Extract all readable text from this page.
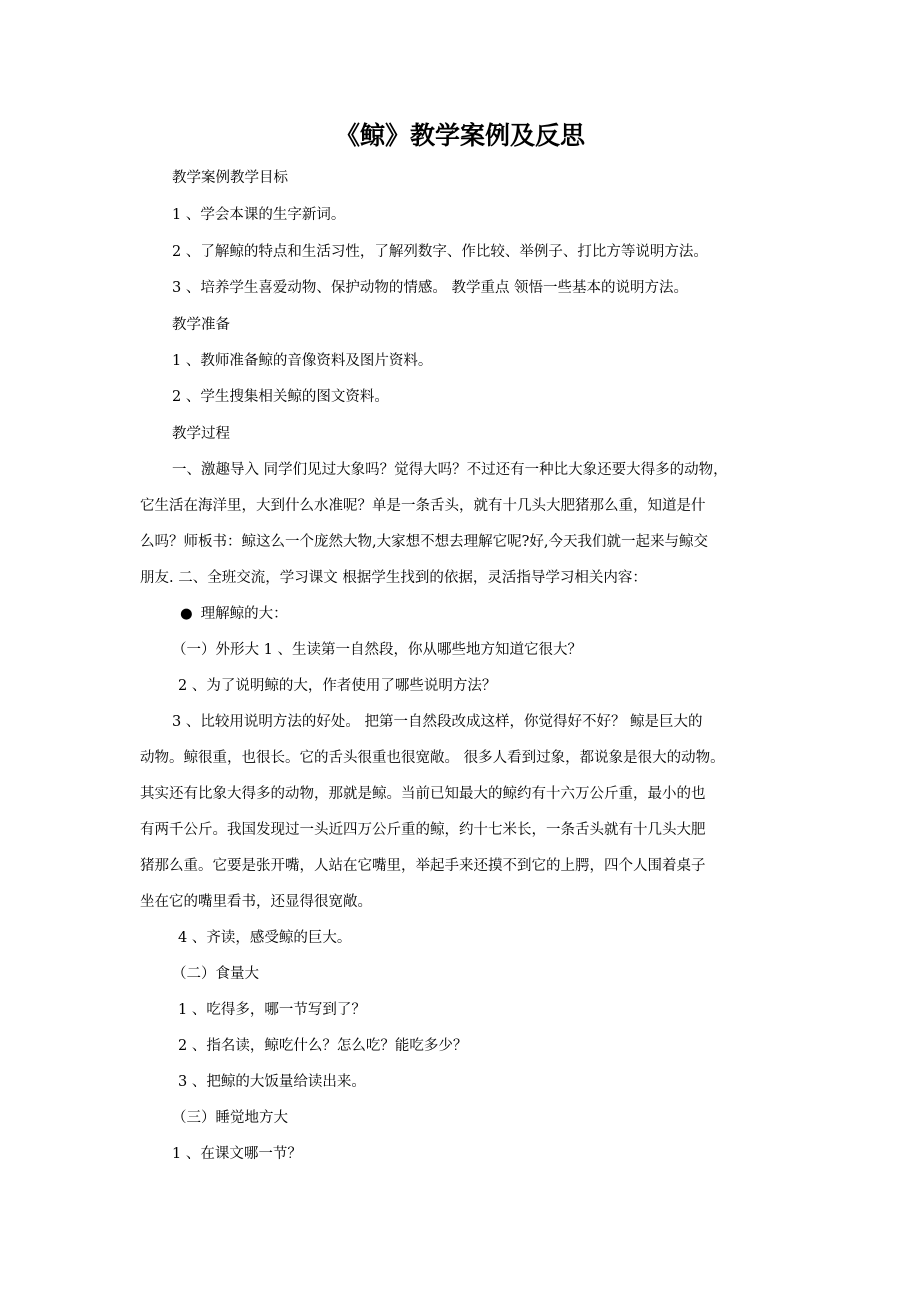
《鲸》教学案例及反思
教学案例教学目标
1 、学会本课的生字新词。
2 、了解鲸的特点和生活习性，了解列数字、作比较、举例子、打比方等说明方法。
3 、培养学生喜爱动物、保护动物的情感。 教学重点 领悟一些基本的说明方法。
教学准备
1 、教师准备鲸的音像资料及图片资料。
2 、学生搜集相关鲸的图文资料。
教学过程
一、激趣导入 同学们见过大象吗？觉得大吗？不过还有一种比大象还要大得多的动物，
它生活在海洋里，大到什么水准呢？单是一条舌头，就有十几头大肥猪那么重，知道是什
么吗？师板书：鲸这么一个庞然大物,大家想不想去理解它呢?好,今天我们就一起来与鲸交
朋友. 二、全班交流，学习课文 根据学生找到的依据，灵活指导学习相关内容：
● 理解鲸的大：
（一）外形大 1 、生读第一自然段，你从哪些地方知道它很大？
2 、为了说明鲸的大，作者使用了哪些说明方法？
3 、比较用说明方法的好处。 把第一自然段改成这样，你觉得好不好？ 鲸是巨大的
动物。鲸很重，也很长。它的舌头很重也很宽敞。 很多人看到过象，都说象是很大的动物。
其实还有比象大得多的动物，那就是鲸。当前已知最大的鲸约有十六万公斤重，最小的也
有两千公斤。我国发现过一头近四万公斤重的鲸，约十七米长，一条舌头就有十几头大肥
猪那么重。它要是张开嘴，人站在它嘴里，举起手来还摸不到它的上腭，四个人围着桌子
坐在它的嘴里看书，还显得很宽敞。
4 、齐读，感受鲸的巨大。
（二）食量大
1 、吃得多，哪一节写到了？
2 、指名读，鲸吃什么？怎么吃？能吃多少？
3 、把鲸的大饭量给读出来。
（三）睡觉地方大
1 、在课文哪一节？
